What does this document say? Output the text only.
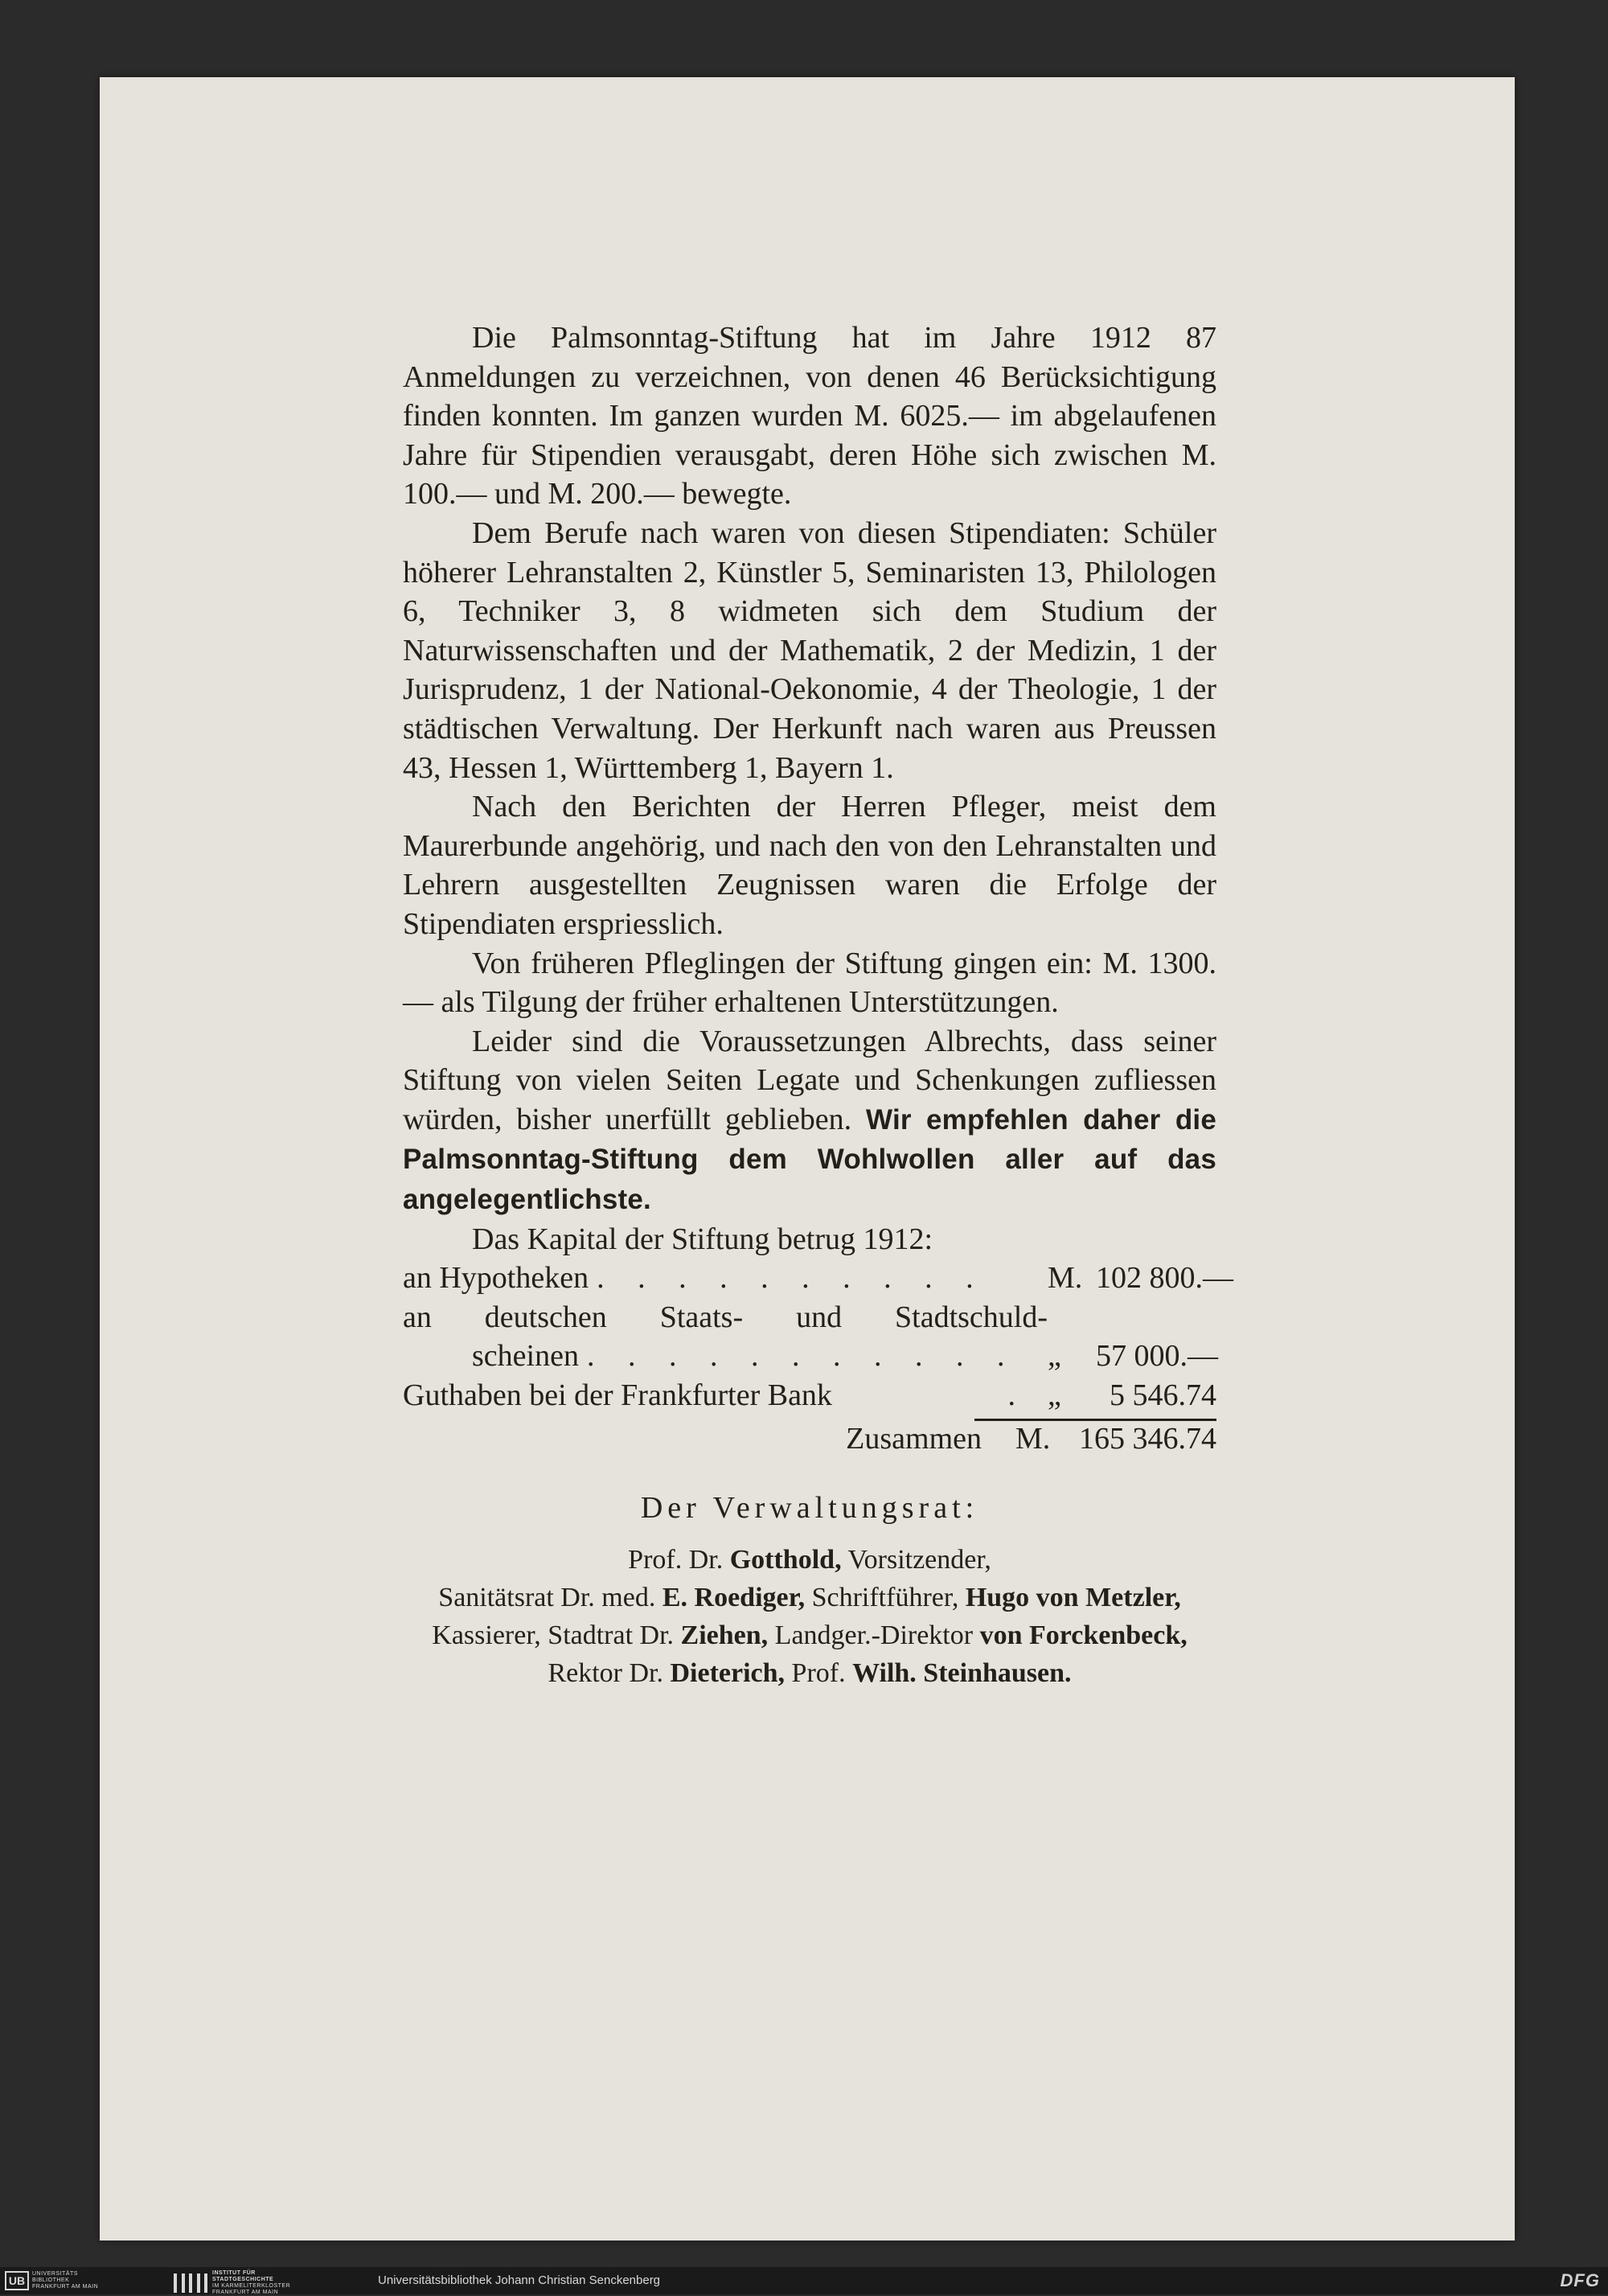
Die Palmsonntag-Stiftung hat im Jahre 1912 87 Anmeldungen zu verzeichnen, von denen 46 Berücksichtigung finden konnten. Im ganzen wurden M. 6025.— im abgelaufenen Jahre für Stipendien verausgabt, deren Höhe sich zwischen M. 100.— und M. 200.— bewegte.

Dem Berufe nach waren von diesen Stipendiaten: Schüler höherer Lehranstalten 2, Künstler 5, Seminaristen 13, Philologen 6, Techniker 3, 8 widmeten sich dem Studium der Naturwissenschaften und der Mathematik, 2 der Medizin, 1 der Jurisprudenz, 1 der National-Oekonomie, 4 der Theologie, 1 der städtischen Verwaltung. Der Herkunft nach waren aus Preussen 43, Hessen 1, Württemberg 1, Bayern 1.

Nach den Berichten der Herren Pfleger, meist dem Maurerbunde angehörig, und nach den von den Lehranstalten und Lehrern ausgestellten Zeugnissen waren die Erfolge der Stipendiaten erspriesslich.

Von früheren Pfleglingen der Stiftung gingen ein: M. 1300.— als Tilgung der früher erhaltenen Unterstützungen.

Leider sind die Voraussetzungen Albrechts, dass seiner Stiftung von vielen Seiten Legate und Schenkungen zufliessen würden, bisher unerfüllt geblieben. Wir empfehlen daher die Palmsonntag-Stiftung dem Wohlwollen aller auf das angelegentlichste.

Das Kapital der Stiftung betrug 1912:

an Hypotheken . . . . . . . . . .	M. 102 800.—
an deutschen Staats- und Stadtschuld-
scheinen . . . . . . . . . . . „	57 000.—
Guthaben bei der Frankfurter Bank	. „	5 546.74
Zusammen	M. 165 346.74
Der Verwaltungsrat:
Prof. Dr. Gotthold, Vorsitzender,
Sanitätsrat Dr. med. E. Roediger, Schriftführer, Hugo von Metzler,
Kassierer, Stadtrat Dr. Ziehen, Landger.-Direktor von Forckenbeck,
Rektor Dr. Dieterich, Prof. Wilh. Steinhausen.
UB
UNIVERSITÄTS
BIBLIOTHEK
FRANKFURT AM MAIN
INSTITUT FÜR
STADTGESCHICHTE
IM KARMELITERKLOSTER
FRANKFURT AM MAIN
Universitätsbibliothek Johann Christian Senckenberg	DFG
